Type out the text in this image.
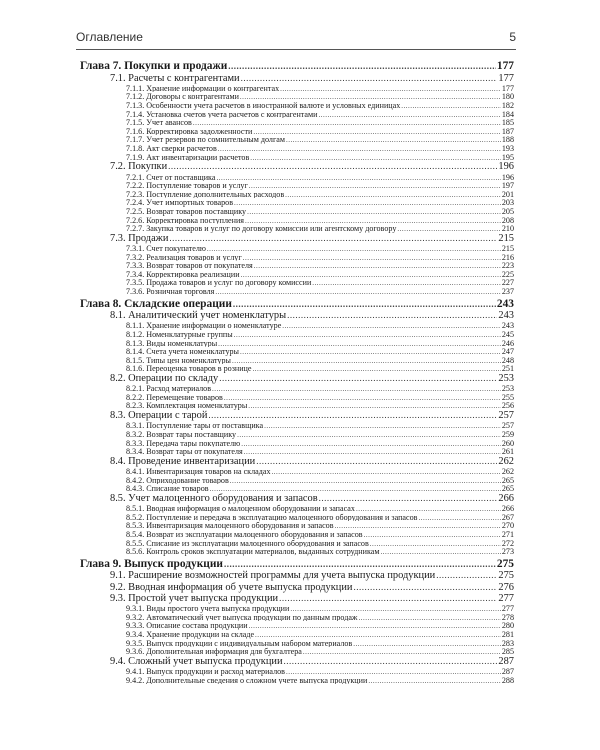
Оглавление	5
Глава 7. Покупки и продажи .....	177
7.1. Расчеты с контрагентами .....	177
7.1.1. Хранение информации о контрагентах .....	177
7.1.2. Договоры с контрагентами .....	180
7.1.3. Особенности учета расчетов в иностранной валюте и условных единицах .....	182
7.1.4. Установка счетов учета расчетов с контрагентами .....	184
7.1.5. Учет авансов .....	185
7.1.6. Корректировка задолженности .....	187
7.1.7. Учет резервов по сомнительным долгам .....	188
7.1.8. Акт сверки расчетов .....	193
7.1.9. Акт инвентаризации расчетов .....	195
7.2. Покупки .....	196
7.2.1. Счет от поставщика .....	196
7.2.2. Поступление товаров и услуг .....	197
7.2.3. Поступление дополнительных расходов .....	201
7.2.4. Учет импортных товаров .....	203
7.2.5. Возврат товаров поставщику .....	205
7.2.6. Корректировка поступления .....	208
7.2.7. Закупка товаров и услуг по договору комиссии или агентскому договору .....	210
7.3. Продажи .....	215
7.3.1. Счет покупателю .....	215
7.3.2. Реализация товаров и услуг .....	216
7.3.3. Возврат товаров от покупателя .....	223
7.3.4. Корректировка реализации .....	225
7.3.5. Продажа товаров и услуг по договору комиссии .....	227
7.3.6. Розничная торговля .....	237
Глава 8. Складские операции .....	243
8.1. Аналитический учет номенклатуры .....	243
8.1.1. Хранение информации о номенклатуре .....	243
8.1.2. Номенклатурные группы .....	245
8.1.3. Виды номенклатуры .....	246
8.1.4. Счета учета номенклатуры .....	247
8.1.5. Типы цен номенклатуры .....	248
8.1.6. Переоценка товаров в рознице .....	251
8.2. Операции по складу .....	253
8.2.1. Расход материалов .....	253
8.2.2. Перемещение товаров .....	255
8.2.3. Комплектация номенклатуры .....	256
8.3. Операции с тарой .....	257
8.3.1. Поступление тары от поставщика .....	257
8.3.2. Возврат тары поставщику .....	259
8.3.3. Передача тары покупателю .....	260
8.3.4. Возврат тары от покупателя .....	261
8.4. Проведение инвентаризации .....	262
8.4.1. Инвентаризация товаров на складах .....	262
8.4.2. Оприходование товаров .....	265
8.4.3. Списание товаров .....	265
8.5. Учет малоценного оборудования и запасов .....	266
8.5.1. Вводная информация о малоценном оборудовании и запасах .....	266
8.5.2. Поступление и передача в эксплуатацию малоценного оборудования и запасов .....	267
8.5.3. Инвентаризация малоценного оборудования и запасов .....	270
8.5.4. Возврат из эксплуатации малоценного оборудования и запасов .....	271
8.5.5. Списание из эксплуатации малоценного оборудования и запасов .....	272
8.5.6. Контроль сроков эксплуатации материалов, выданных сотрудникам .....	273
Глава 9. Выпуск продукции .....	275
9.1. Расширение возможностей программы для учета выпуска продукции .....	275
9.2. Вводная информация об учете выпуска продукции .....	276
9.3. Простой учет выпуска продукции .....	277
9.3.1. Виды простого учета выпуска продукции .....	277
9.3.2. Автоматический учет выпуска продукции по данным продаж .....	278
9.3.3. Описание состава продукции .....	280
9.3.4. Хранение продукции на складе .....	281
9.3.5. Выпуск продукции с индивидуальным набором материалов .....	283
9.3.6. Дополнительная информация для бухгалтера .....	285
9.4. Сложный учет выпуска продукции .....	287
9.4.1. Выпуск продукции и расход материалов .....	287
9.4.2. Дополнительные сведения о сложном учете выпуска продукции .....	288
